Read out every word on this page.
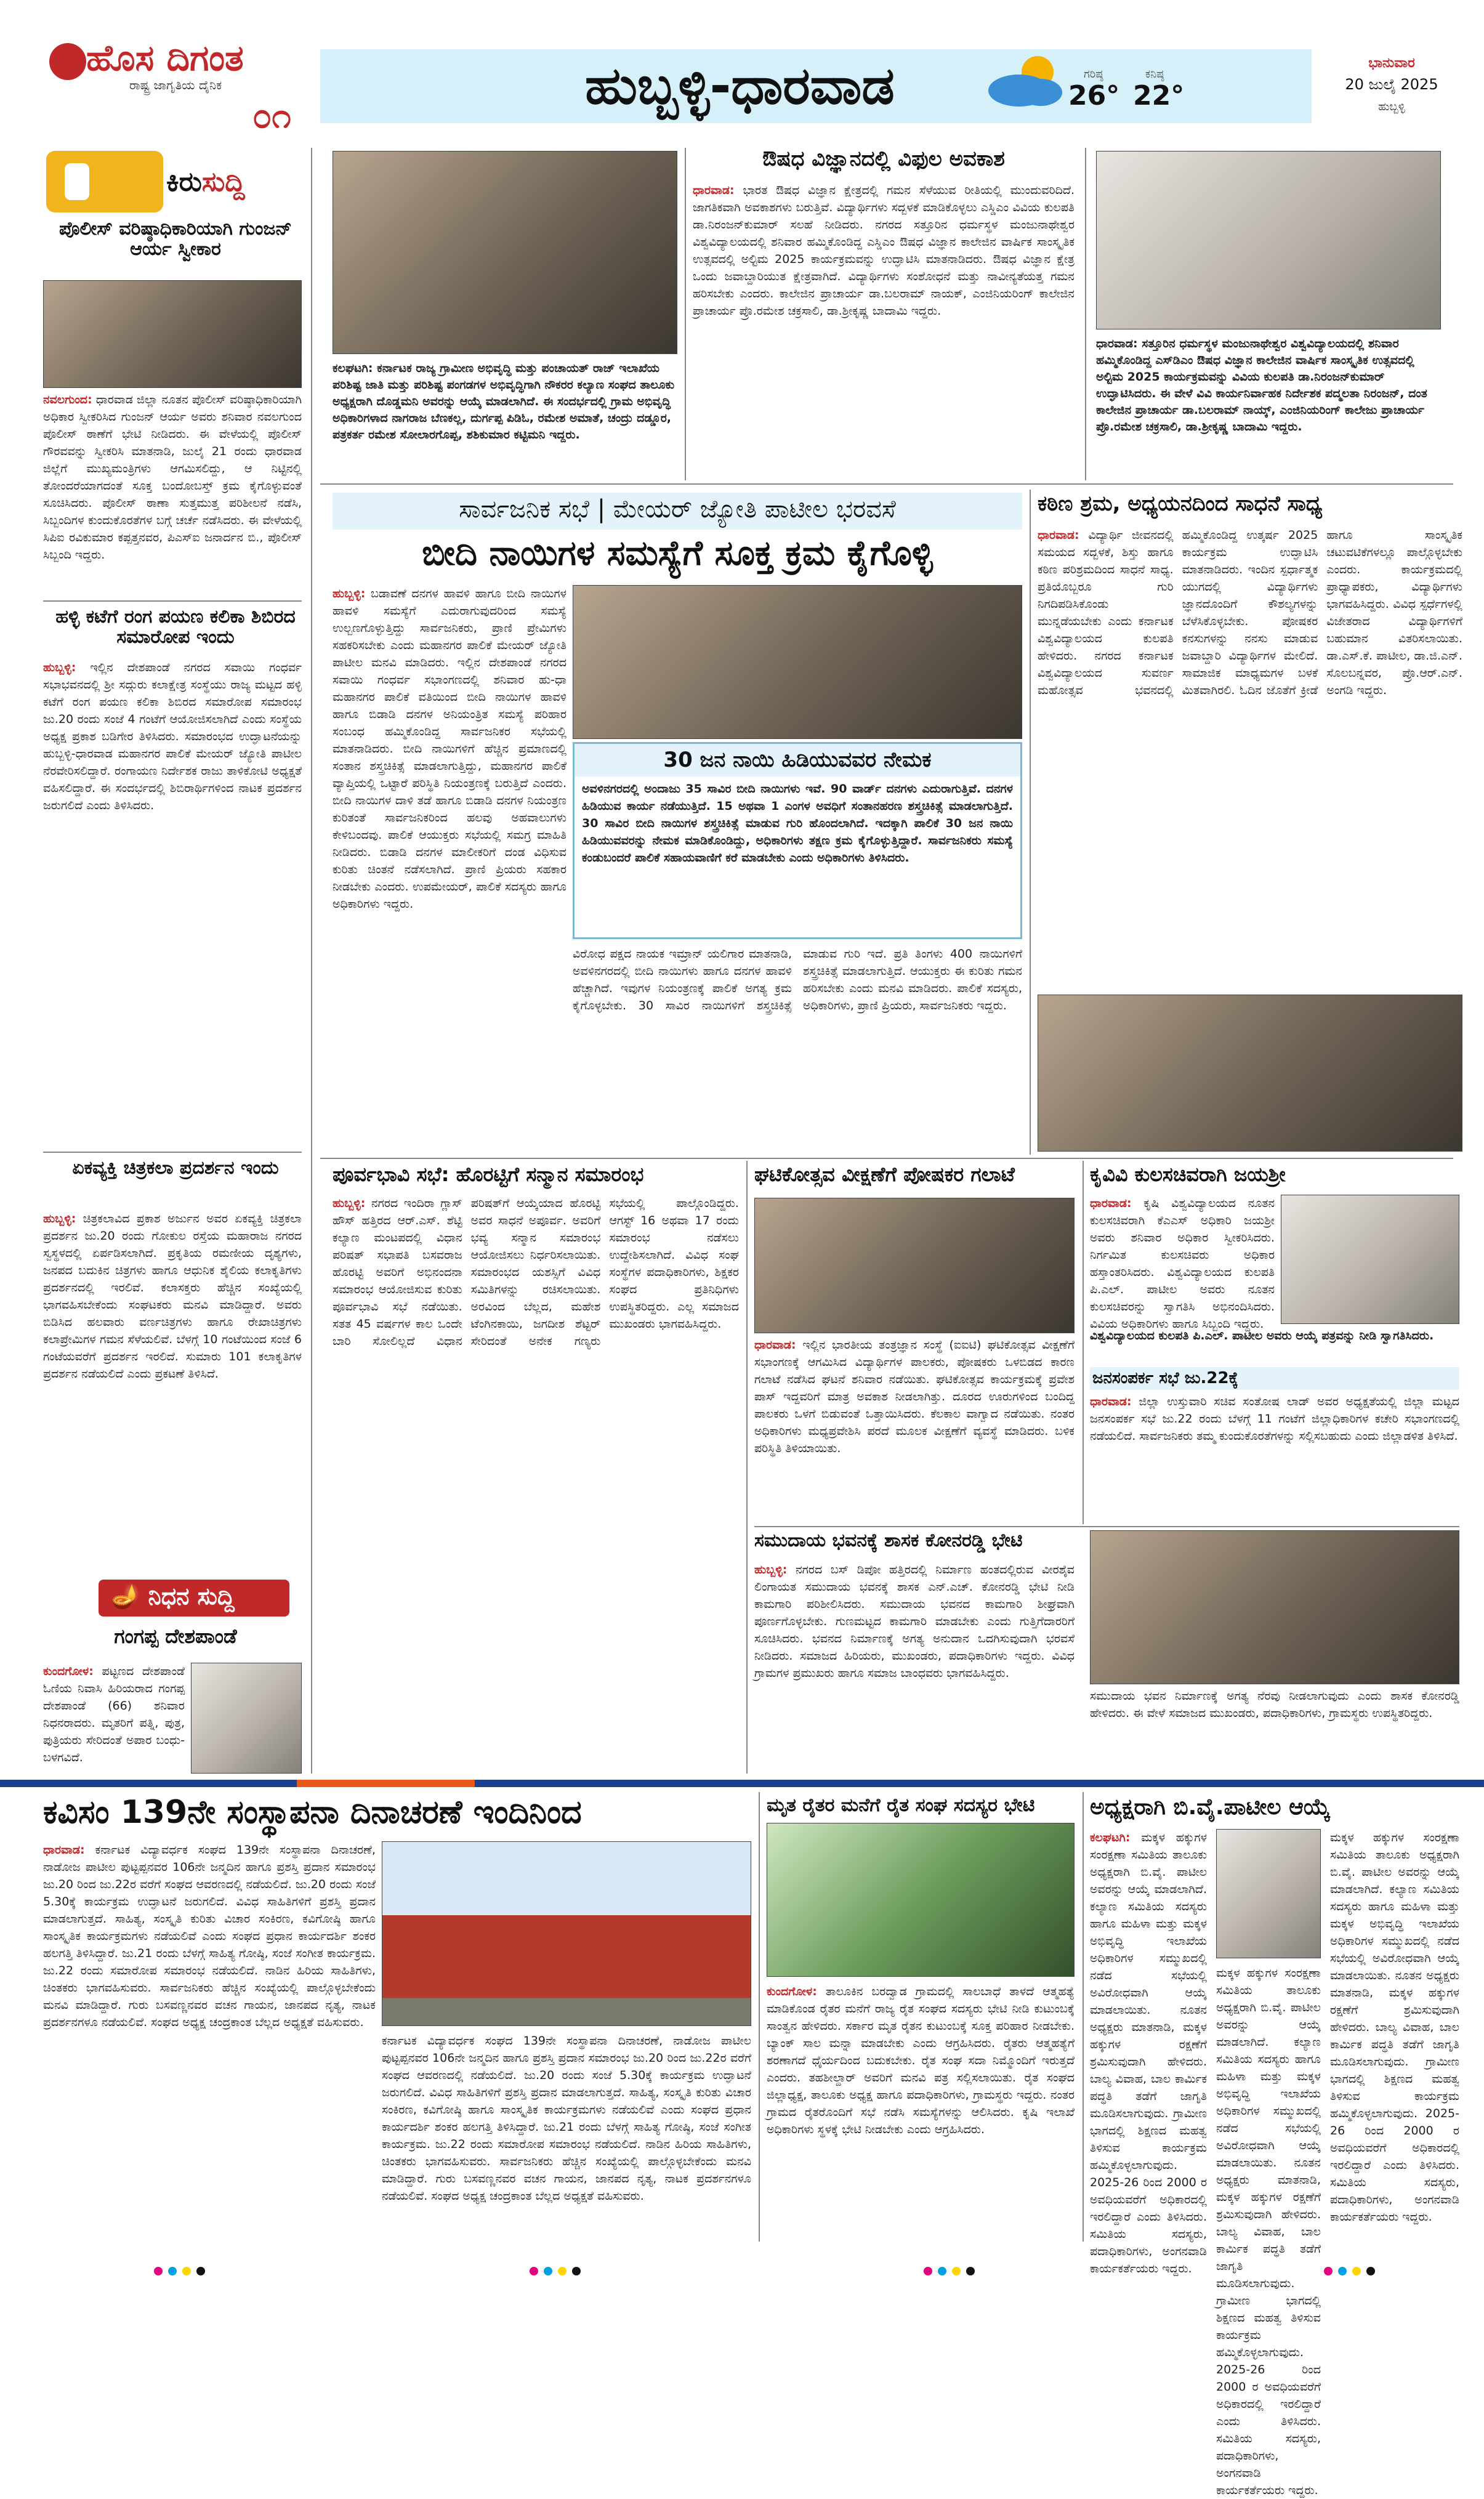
ಹೊಸ ದಿಗಂತ
ರಾಷ್ಟ್ರ ಜಾಗೃತಿಯ ದೈನಿಕ
೦೧
ಹುಬ್ಬಳ್ಳಿ-ಧಾರವಾಡ	ಗರಿಷ್ಠ
26°
ಕನಿಷ್ಠ
22°
ಭಾನುವಾರ
20 ಜುಲೈ 2025
ಹುಬ್ಬಳ್ಳಿ
ಕಿರುಸುದ್ದಿ
ಪೊಲೀಸ್ ವರಿಷ್ಠಾಧಿಕಾರಿಯಾಗಿ ಗುಂಜನ್ ಆರ್ಯ ಸ್ವೀಕಾರ
ನವಲಗುಂದ: ಧಾರವಾಡ ಜಿಲ್ಲಾ ನೂತನ ಪೊಲೀಸ್ ವರಿಷ್ಠಾಧಿಕಾರಿಯಾಗಿ ಅಧಿಕಾರ ಸ್ವೀಕರಿಸಿದ ಗುಂಜನ್ ಆರ್ಯ ಅವರು ಶನಿವಾರ ನವಲಗುಂದ ಪೊಲೀಸ್ ಠಾಣೆಗೆ ಭೇಟಿ ನೀಡಿದರು. ಈ ವೇಳೆಯಲ್ಲಿ ಪೊಲೀಸ್ ಗೌರವವನ್ನು ಸ್ವೀಕರಿಸಿ ಮಾತನಾಡಿ, ಜುಲೈ 21 ರಂದು ಧಾರವಾಡ ಜಿಲ್ಲೆಗೆ ಮುಖ್ಯಮಂತ್ರಿಗಳು ಆಗಮಿಸಲಿದ್ದು, ಆ ನಿಟ್ಟಿನಲ್ಲಿ ತೋಂದರೆಯಾಗದಂತೆ ಸೂಕ್ತ ಬಂದೋಬಸ್ತ್ ಕ್ರಮ ಕೈಗೊಳ್ಳುವಂತೆ ಸೂಚಿಸಿದರು. ಪೊಲೀಸ್ ಠಾಣಾ ಸುತ್ತಮುತ್ತ ಪರಿಶೀಲನೆ ನಡೆಸಿ, ಸಿಬ್ಬಂದಿಗಳ ಕುಂದುಕೊರತೆಗಳ ಬಗ್ಗೆ ಚರ್ಚೆ ನಡೆಸಿದರು. ಈ ವೇಳೆಯಲ್ಲಿ ಸಿಪಿಐ ರವಿಕುಮಾರ ಕಪ್ಪತ್ತನವರ, ಪಿಎಸ್‌ಐ ಜನಾರ್ದನ ಬಿ., ಪೊಲೀಸ್ ಸಿಬ್ಬಂದಿ ಇದ್ದರು.
ಹಳ್ಳಿ ಕಟೆಗೆ ರಂಗ ಪಯಣ ಕಲಿಕಾ ಶಿಬಿರದ ಸಮಾರೋಪ ಇಂದು
ಹುಬ್ಬಳ್ಳಿ: ಇಲ್ಲಿನ ದೇಶಪಾಂಡೆ ನಗರದ ಸವಾಯಿ ಗಂಧರ್ವ ಸಭಾಭವನದಲ್ಲಿ ಶ್ರೀ ಸದ್ಗುರು ಕಲಾಕ್ಷೇತ್ರ ಸಂಸ್ಥೆಯು ರಾಜ್ಯ ಮಟ್ಟದ ಹಳ್ಳಿ ಕಟೆಗೆ ರಂಗ ಪಯಣ ಕಲಿಕಾ ಶಿಬಿರದ ಸಮಾರೋಪ ಸಮಾರಂಭ ಜು.20 ರಂದು ಸಂಜೆ 4 ಗಂಟೆಗೆ ಆಯೋಜಿಸಲಾಗಿದೆ ಎಂದು ಸಂಸ್ಥೆಯ ಅಧ್ಯಕ್ಷ ಪ್ರಕಾಶ ಬಡಿಗೇರ ತಿಳಿಸಿದರು. ಸಮಾರಂಭದ ಉದ್ಘಾಟನೆಯನ್ನು ಹುಬ್ಬಳ್ಳಿ-ಧಾರವಾಡ ಮಹಾನಗರ ಪಾಲಿಕೆ ಮೇಯರ್ ಜ್ಯೋತಿ ಪಾಟೀಲ ನೆರವೇರಿಸಲಿದ್ದಾರೆ. ರಂಗಾಯಣ ನಿರ್ದೇಶಕ ರಾಜು ತಾಳಿಕೋಟಿ ಅಧ್ಯಕ್ಷತೆ ವಹಿಸಲಿದ್ದಾರೆ. ಈ ಸಂದರ್ಭದಲ್ಲಿ ಶಿಬಿರಾರ್ಥಿಗಳಿಂದ ನಾಟಕ ಪ್ರದರ್ಶನ ಜರುಗಲಿದೆ ಎಂದು ತಿಳಿಸಿದರು.
ಏಕವ್ಯಕ್ತಿ ಚಿತ್ರಕಲಾ ಪ್ರದರ್ಶನ ಇಂದು
ಹುಬ್ಬಳ್ಳಿ: ಚಿತ್ರಕಲಾವಿದ ಪ್ರಕಾಶ ಅರ್ಜುನ ಅವರ ಏಕವ್ಯಕ್ತಿ ಚಿತ್ರಕಲಾ ಪ್ರದರ್ಶನ ಜು.20 ರಂದು ಗೋಕುಲ ರಸ್ತೆಯ ಮಹಾರಾಜ ನಗರದ ಸ್ವಸ್ಥಳದಲ್ಲಿ ಏರ್ಪಡಿಸಲಾಗಿದೆ. ಪ್ರಕೃತಿಯ ರಮಣೀಯ ದೃಶ್ಯಗಳು, ಜನಪದ ಬದುಕಿನ ಚಿತ್ರಗಳು ಹಾಗೂ ಆಧುನಿಕ ಶೈಲಿಯ ಕಲಾಕೃತಿಗಳು ಪ್ರದರ್ಶನದಲ್ಲಿ ಇರಲಿವೆ. ಕಲಾಸಕ್ತರು ಹೆಚ್ಚಿನ ಸಂಖ್ಯೆಯಲ್ಲಿ ಭಾಗವಹಿಸಬೇಕೆಂದು ಸಂಘಟಕರು ಮನವಿ ಮಾಡಿದ್ದಾರೆ. ಅವರು ಬಿಡಿಸಿದ ಹಲವಾರು ವರ್ಣಚಿತ್ರಗಳು ಹಾಗೂ ರೇಖಾಚಿತ್ರಗಳು ಕಲಾಪ್ರೇಮಿಗಳ ಗಮನ ಸೆಳೆಯಲಿವೆ. ಬೆಳಗ್ಗೆ 10 ಗಂಟೆಯಿಂದ ಸಂಜೆ 6 ಗಂಟೆಯವರೆಗೆ ಪ್ರದರ್ಶನ ಇರಲಿದೆ. ಸುಮಾರು 101 ಕಲಾಕೃತಿಗಳ ಪ್ರದರ್ಶನ ನಡೆಯಲಿದೆ ಎಂದು ಪ್ರಕಟಣೆ ತಿಳಿಸಿದೆ.
🪔 ನಿಧನ ಸುದ್ದಿ
ಗಂಗಪ್ಪ ದೇಶಪಾಂಡೆ
ಕುಂದಗೋಳ: ಪಟ್ಟಣದ ದೇಶಪಾಂಡೆ ಓಣಿಯ ನಿವಾಸಿ ಹಿರಿಯರಾದ ಗಂಗಪ್ಪ ದೇಶಪಾಂಡೆ (66) ಶನಿವಾರ ನಿಧನರಾದರು. ಮೃತರಿಗೆ ಪತ್ನಿ, ಪುತ್ರ, ಪುತ್ರಿಯರು ಸೇರಿದಂತೆ ಅಪಾರ ಬಂಧು-ಬಳಗವಿದೆ.
ಕಲಘಟಗಿ: ಕರ್ನಾಟಕ ರಾಜ್ಯ ಗ್ರಾಮೀಣ ಅಭಿವೃದ್ಧಿ ಮತ್ತು ಪಂಚಾಯತ್ ರಾಜ್ ಇಲಾಖೆಯ ಪರಿಶಿಷ್ಟ ಜಾತಿ ಮತ್ತು ಪರಿಶಿಷ್ಟ ಪಂಗಡಗಳ ಅಭಿವೃದ್ಧಿಗಾಗಿ ನೌಕರರ ಕಲ್ಯಾಣ ಸಂಘದ ತಾಲೂಕು ಅಧ್ಯಕ್ಷರಾಗಿ ದೊಡ್ಡಮನಿ ಅವರನ್ನು ಆಯ್ಕೆ ಮಾಡಲಾಗಿದೆ. ಈ ಸಂದರ್ಭದಲ್ಲಿ ಗ್ರಾಮ ಅಭಿವೃದ್ಧಿ ಅಧಿಕಾರಿಗಳಾದ ನಾಗರಾಜ ಬೆಣಕಲ್ಲ, ದುರ್ಗಪ್ಪ ಪಿಡಿಓ, ರಮೇಶ ಅಮಾತೆ, ಚಂದ್ರು ದಡ್ಡೂರ, ಪತ್ರಕರ್ತ ರಮೇಶ ಸೋಲಾರಗೊಪ್ಪ, ಶಶಿಕುಮಾರ ಕಟ್ಟಿಮನಿ ಇದ್ದರು.
ಔಷಧ ವಿಜ್ಞಾನದಲ್ಲಿ ವಿಫುಲ ಅವಕಾಶ
ಧಾರವಾಡ: ಭಾರತ ಔಷಧ ವಿಜ್ಞಾನ ಕ್ಷೇತ್ರದಲ್ಲಿ ಗಮನ ಸೆಳೆಯುವ ರೀತಿಯಲ್ಲಿ ಮುಂದುವರಿದಿದೆ. ಜಾಗತಿಕವಾಗಿ ಅವಕಾಶಗಳು ಬರುತ್ತಿವೆ. ವಿದ್ಯಾರ್ಥಿಗಳು ಸದ್ಬಳಕೆ ಮಾಡಿಕೊಳ್ಳಲು ಎಸ್ಡಿಎಂ ವಿವಿಯ ಕುಲಪತಿ ಡಾ.ನಿರಂಜನ್‌ಕುಮಾರ್ ಸಲಹೆ ನೀಡಿದರು. ನಗರದ ಸತ್ತೂರಿನ ಧರ್ಮಸ್ಥಳ ಮಂಜುನಾಥೇಶ್ವರ ವಿಶ್ವವಿದ್ಯಾಲಯದಲ್ಲಿ ಶನಿವಾರ ಹಮ್ಮಿಕೊಂಡಿದ್ದ ಎಸ್ಡಿಎಂ ಔಷಧ ವಿಜ್ಞಾನ ಕಾಲೇಜಿನ ವಾರ್ಷಿಕ ಸಾಂಸ್ಕೃತಿಕ ಉತ್ಸವದಲ್ಲಿ ಅಲ್ಟಿಮ 2025 ಕಾರ್ಯಕ್ರಮವನ್ನು ಉದ್ಘಾಟಿಸಿ ಮಾತನಾಡಿದರು. ಔಷಧ ವಿಜ್ಞಾನ ಕ್ಷೇತ್ರ ಒಂದು ಜವಾಬ್ದಾರಿಯುತ ಕ್ಷೇತ್ರವಾಗಿದೆ. ವಿದ್ಯಾರ್ಥಿಗಳು ಸಂಶೋಧನೆ ಮತ್ತು ನಾವೀನ್ಯತೆಯತ್ತ ಗಮನ ಹರಿಸಬೇಕು ಎಂದರು. ಕಾಲೇಜಿನ ಪ್ರಾಚಾರ್ಯ ಡಾ.ಬಲರಾಮ್ ನಾಯಕ್, ಎಂಜಿನಿಯರಿಂಗ್ ಕಾಲೇಜಿನ ಪ್ರಾಚಾರ್ಯ ಪ್ರೊ.ರಮೇಶ ಚಕ್ರಸಾಲಿ, ಡಾ.ಶ್ರೀಕೃಷ್ಣ ಬಾದಾಮಿ ಇದ್ದರು.
ಧಾರವಾಡ: ಸತ್ತೂರಿನ ಧರ್ಮಸ್ಥಳ ಮಂಜುನಾಥೇಶ್ವರ ವಿಶ್ವವಿದ್ಯಾಲಯದಲ್ಲಿ ಶನಿವಾರ ಹಮ್ಮಿಕೊಂಡಿದ್ದ ಎಸ್‌ಡಿಎಂ ಔಷಧ ವಿಜ್ಞಾನ ಕಾಲೇಜಿನ ವಾರ್ಷಿಕ ಸಾಂಸ್ಕೃತಿಕ ಉತ್ಸವದಲ್ಲಿ ಅಲ್ಟಿಮ 2025 ಕಾರ್ಯಕ್ರಮವನ್ನು ವಿವಿಯ ಕುಲಪತಿ ಡಾ.ನಿರಂಜನ್‌ಕುಮಾರ್ ಉದ್ಘಾಟಿಸಿದರು. ಈ ವೇಳೆ ವಿವಿ ಕಾರ್ಯನಿರ್ವಾಹಕ ನಿರ್ದೇಶಕ ಪದ್ಮಲತಾ ನಿರಂಜನ್, ದಂತ ಕಾಲೇಜಿನ ಪ್ರಾಚಾರ್ಯ ಡಾ.ಬಲರಾಮ್ ನಾಯ್ಕ್, ಎಂಜಿನಿಯರಿಂಗ್ ಕಾಲೇಜು ಪ್ರಾಚಾರ್ಯ ಪ್ರೊ.ರಮೇಶ ಚಕ್ರಸಾಲಿ, ಡಾ.ಶ್ರೀಕೃಷ್ಣ ಬಾದಾಮಿ ಇದ್ದರು.
ಸಾರ್ವಜನಿಕ ಸಭೆ | ಮೇಯರ್ ಜ್ಯೋತಿ ಪಾಟೀಲ ಭರವಸೆ
ಬೀದಿ ನಾಯಿಗಳ ಸಮಸ್ಯೆಗೆ ಸೂಕ್ತ ಕ್ರಮ ಕೈಗೊಳ್ಳಿ
ಹುಬ್ಬಳ್ಳಿ: ಬಡಾವಣೆ ದನಗಳ ಹಾವಳಿ ಹಾಗೂ ಬೀದಿ ನಾಯಿಗಳ ಹಾವಳಿ ಸಮಸ್ಯೆಗೆ ಎದುರಾಗುವುದರಿಂದ ಸಮಸ್ಯೆ ಉಲ್ಬಣಗೊಳ್ಳುತ್ತಿದ್ದು ಸಾರ್ವಜನಿಕರು, ಪ್ರಾಣಿ ಪ್ರೇಮಿಗಳು ಸಹಕರಿಸಬೇಕು ಎಂದು ಮಹಾನಗರ ಪಾಲಿಕೆ ಮೇಯರ್ ಜ್ಯೋತಿ ಪಾಟೀಲ ಮನವಿ ಮಾಡಿದರು. ಇಲ್ಲಿನ ದೇಶಪಾಂಡೆ ನಗರದ ಸವಾಯಿ ಗಂಧರ್ವ ಸಭಾಂಗಣದಲ್ಲಿ ಶನಿವಾರ ಹು-ಧಾ ಮಹಾನಗರ ಪಾಲಿಕೆ ವತಿಯಿಂದ ಬೀದಿ ನಾಯಿಗಳ ಹಾವಳಿ ಹಾಗೂ ಬಿಡಾಡಿ ದನಗಳ ಅನಿಯಂತ್ರಿತ ಸಮಸ್ಯೆ ಪರಿಹಾರ ಸಂಬಂಧ ಹಮ್ಮಿಕೊಂಡಿದ್ದ ಸಾರ್ವಜನಿಕರ ಸಭೆಯಲ್ಲಿ ಮಾತನಾಡಿದರು. ಬೀದಿ ನಾಯಿಗಳಿಗೆ ಹೆಚ್ಚಿನ ಪ್ರಮಾಣದಲ್ಲಿ ಸಂತಾನ ಶಸ್ತ್ರಚಿಕಿತ್ಸೆ ಮಾಡಲಾಗುತ್ತಿದ್ದು, ಮಹಾನಗರ ಪಾಲಿಕೆ ವ್ಯಾಪ್ತಿಯಲ್ಲಿ ಒಟ್ಟಾರೆ ಪರಿಸ್ಥಿತಿ ನಿಯಂತ್ರಣಕ್ಕೆ ಬರುತ್ತಿದೆ ಎಂದರು. ಬೀದಿ ನಾಯಿಗಳ ದಾಳಿ ತಡೆ ಹಾಗೂ ಬಿಡಾಡಿ ದನಗಳ ನಿಯಂತ್ರಣ ಕುರಿತಂತೆ ಸಾರ್ವಜನಿಕರಿಂದ ಹಲವು ಅಹವಾಲುಗಳು ಕೇಳಿಬಂದವು. ಪಾಲಿಕೆ ಆಯುಕ್ತರು ಸಭೆಯಲ್ಲಿ ಸಮಗ್ರ ಮಾಹಿತಿ ನೀಡಿದರು. ಬಿಡಾಡಿ ದನಗಳ ಮಾಲೀಕರಿಗೆ ದಂಡ ವಿಧಿಸುವ ಕುರಿತು ಚಿಂತನೆ ನಡೆಸಲಾಗಿದೆ. ಪ್ರಾಣಿ ಪ್ರಿಯರು ಸಹಕಾರ ನೀಡಬೇಕು ಎಂದರು. ಉಪಮೇಯರ್, ಪಾಲಿಕೆ ಸದಸ್ಯರು ಹಾಗೂ ಅಧಿಕಾರಿಗಳು ಇದ್ದರು.
30 ಜನ ನಾಯಿ ಹಿಡಿಯುವವರ ನೇಮಕ
ಅವಳಿನಗರದಲ್ಲಿ ಅಂದಾಜು 35 ಸಾವಿರ ಬೀದಿ ನಾಯಿಗಳು ಇವೆ. 90 ವಾರ್ಡ್ ದನಗಳು ಎದುರಾಗುತ್ತಿವೆ. ದನಗಳ ಹಿಡಿಯುವ ಕಾರ್ಯ ನಡೆಯುತ್ತಿದೆ. 15 ಅಥವಾ 1 ಎಂಗಳ ಅವಧಿಗೆ ಸಂತಾನಹರಣ ಶಸ್ತ್ರಚಿಕಿತ್ಸೆ ಮಾಡಲಾಗುತ್ತಿದೆ. 30 ಸಾವಿರ ಬೀದಿ ನಾಯಿಗಳ ಶಸ್ತ್ರಚಿಕಿತ್ಸೆ ಮಾಡುವ ಗುರಿ ಹೊಂದಲಾಗಿದೆ. ಇದಕ್ಕಾಗಿ ಪಾಲಿಕೆ 30 ಜನ ನಾಯಿ ಹಿಡಿಯುವವರನ್ನು ನೇಮಕ ಮಾಡಿಕೊಂಡಿದ್ದು, ಅಧಿಕಾರಿಗಳು ತಕ್ಷಣ ಕ್ರಮ ಕೈಗೊಳ್ಳುತ್ತಿದ್ದಾರೆ. ಸಾರ್ವಜನಿಕರು ಸಮಸ್ಯೆ ಕಂಡುಬಂದರೆ ಪಾಲಿಕೆ ಸಹಾಯವಾಣಿಗೆ ಕರೆ ಮಾಡಬೇಕು ಎಂದು ಅಧಿಕಾರಿಗಳು ತಿಳಿಸಿದರು.
ವಿರೋಧ ಪಕ್ಷದ ನಾಯಕ ಇಮ್ರಾನ್ ಯಲಿಗಾರ ಮಾತನಾಡಿ, ಅವಳಿನಗರದಲ್ಲಿ ಬೀದಿ ನಾಯಿಗಳು ಹಾಗೂ ದನಗಳ ಹಾವಳಿ ಹೆಚ್ಚಾಗಿದೆ. ಇವುಗಳ ನಿಯಂತ್ರಣಕ್ಕೆ ಪಾಲಿಕೆ ಅಗತ್ಯ ಕ್ರಮ ಕೈಗೊಳ್ಳಬೇಕು. 30 ಸಾವಿರ ನಾಯಿಗಳಿಗೆ ಶಸ್ತ್ರಚಿಕಿತ್ಸೆ ಮಾಡುವ ಗುರಿ ಇದೆ. ಪ್ರತಿ ತಿಂಗಳು 400 ನಾಯಿಗಳಿಗೆ ಶಸ್ತ್ರಚಿಕಿತ್ಸೆ ಮಾಡಲಾಗುತ್ತಿದೆ. ಆಯುಕ್ತರು ಈ ಕುರಿತು ಗಮನ ಹರಿಸಬೇಕು ಎಂದು ಮನವಿ ಮಾಡಿದರು. ಪಾಲಿಕೆ ಸದಸ್ಯರು, ಅಧಿಕಾರಿಗಳು, ಪ್ರಾಣಿ ಪ್ರಿಯರು, ಸಾರ್ವಜನಿಕರು ಇದ್ದರು.
ಕಠಿಣ ಶ್ರಮ, ಅಧ್ಯಯನದಿಂದ ಸಾಧನೆ ಸಾಧ್ಯ
ಧಾರವಾಡ: ವಿದ್ಯಾರ್ಥಿ ಜೀವನದಲ್ಲಿ ಸಮಯದ ಸದ್ಬಳಕೆ, ಶಿಸ್ತು ಹಾಗೂ ಕಠಿಣ ಪರಿಶ್ರಮದಿಂದ ಸಾಧನೆ ಸಾಧ್ಯ. ಪ್ರತಿಯೊಬ್ಬರೂ ಗುರಿ ನಿಗದಿಪಡಿಸಿಕೊಂಡು ಮುನ್ನಡೆಯಬೇಕು ಎಂದು ಕರ್ನಾಟಕ ವಿಶ್ವವಿದ್ಯಾಲಯದ ಕುಲಪತಿ ಹೇಳಿದರು. ನಗರದ ಕರ್ನಾಟಕ ವಿಶ್ವವಿದ್ಯಾಲಯದ ಸುವರ್ಣ ಮಹೋತ್ಸವ ಭವನದಲ್ಲಿ ಹಮ್ಮಿಕೊಂಡಿದ್ದ ಉತ್ಕರ್ಷ 2025 ಕಾರ್ಯಕ್ರಮ ಉದ್ಘಾಟಿಸಿ ಮಾತನಾಡಿದರು. ಇಂದಿನ ಸ್ಪರ್ಧಾತ್ಮಕ ಯುಗದಲ್ಲಿ ವಿದ್ಯಾರ್ಥಿಗಳು ಜ್ಞಾನದೊಂದಿಗೆ ಕೌಶಲ್ಯಗಳನ್ನು ಬೆಳೆಸಿಕೊಳ್ಳಬೇಕು. ಪೋಷಕರ ಕನಸುಗಳನ್ನು ನನಸು ಮಾಡುವ ಜವಾಬ್ದಾರಿ ವಿದ್ಯಾರ್ಥಿಗಳ ಮೇಲಿದೆ. ಸಾಮಾಜಿಕ ಮಾಧ್ಯಮಗಳ ಬಳಕೆ ಮಿತವಾಗಿರಲಿ. ಓದಿನ ಜೊತೆಗೆ ಕ್ರೀಡೆ ಹಾಗೂ ಸಾಂಸ್ಕೃತಿಕ ಚಟುವಟಿಕೆಗಳಲ್ಲೂ ಪಾಲ್ಗೊಳ್ಳಬೇಕು ಎಂದರು. ಕಾರ್ಯಕ್ರಮದಲ್ಲಿ ಪ್ರಾಧ್ಯಾಪಕರು, ವಿದ್ಯಾರ್ಥಿಗಳು ಭಾಗವಹಿಸಿದ್ದರು. ವಿವಿಧ ಸ್ಪರ್ಧೆಗಳಲ್ಲಿ ವಿಜೇತರಾದ ವಿದ್ಯಾರ್ಥಿಗಳಿಗೆ ಬಹುಮಾನ ವಿತರಿಸಲಾಯಿತು. ಡಾ.ಎಸ್.ಕೆ. ಪಾಟೀಲ, ಡಾ.ಜಿ.ಎನ್. ಸೊಲಬನ್ನವರ, ಪ್ರೊ.ಆರ್.ಎನ್. ಅಂಗಡಿ ಇದ್ದರು.
ಪೂರ್ವಭಾವಿ ಸಭೆ: ಹೊರಟ್ಟಿಗೆ ಸನ್ಮಾನ ಸಮಾರಂಭ
ಹುಬ್ಬಳ್ಳಿ: ನಗರದ ಇಂದಿರಾ ಗ್ಲಾಸ್ ಹೌಸ್ ಹತ್ತಿರದ ಆರ್.ಎಸ್. ಶೆಟ್ಟಿ ಕಲ್ಯಾಣ ಮಂಟಪದಲ್ಲಿ ವಿಧಾನ ಪರಿಷತ್ ಸಭಾಪತಿ ಬಸವರಾಜ ಹೊರಟ್ಟಿ ಅವರಿಗೆ ಅಭಿನಂದನಾ ಸಮಾರಂಭ ಆಯೋಜಿಸುವ ಕುರಿತು ಪೂರ್ವಭಾವಿ ಸಭೆ ನಡೆಯಿತು. ಸತತ 45 ವರ್ಷಗಳ ಕಾಲ ಒಂದೇ ಬಾರಿ ಸೋಲಿಲ್ಲದೆ ವಿಧಾನ ಪರಿಷತ್‌ಗೆ ಆಯ್ಕೆಯಾದ ಹೊರಟ್ಟಿ ಅವರ ಸಾಧನೆ ಅಪೂರ್ವ. ಅವರಿಗೆ ಭವ್ಯ ಸನ್ಮಾನ ಸಮಾರಂಭ ಆಯೋಜಿಸಲು ನಿರ್ಧರಿಸಲಾಯಿತು. ಸಮಾರಂಭದ ಯಶಸ್ಸಿಗೆ ವಿವಿಧ ಸಮಿತಿಗಳನ್ನು ರಚಿಸಲಾಯಿತು. ಅರವಿಂದ ಬೆಲ್ಲದ, ಮಹೇಶ ಟೆಂಗಿನಕಾಯಿ, ಜಗದೀಶ ಶೆಟ್ಟರ್ ಸೇರಿದಂತೆ ಅನೇಕ ಗಣ್ಯರು ಸಭೆಯಲ್ಲಿ ಪಾಲ್ಗೊಂಡಿದ್ದರು. ಆಗಸ್ಟ್ 16 ಅಥವಾ 17 ರಂದು ಸಮಾರಂಭ ನಡೆಸಲು ಉದ್ದೇಶಿಸಲಾಗಿದೆ. ವಿವಿಧ ಸಂಘ ಸಂಸ್ಥೆಗಳ ಪದಾಧಿಕಾರಿಗಳು, ಶಿಕ್ಷಕರ ಸಂಘದ ಪ್ರತಿನಿಧಿಗಳು ಉಪಸ್ಥಿತರಿದ್ದರು. ಎಲ್ಲ ಸಮಾಜದ ಮುಖಂಡರು ಭಾಗವಹಿಸಿದ್ದರು.
ಘಟಿಕೋತ್ಸವ ವೀಕ್ಷಣೆಗೆ ಪೋಷಕರ ಗಲಾಟೆ
ಧಾರವಾಡ: ಇಲ್ಲಿನ ಭಾರತೀಯ ತಂತ್ರಜ್ಞಾನ ಸಂಸ್ಥೆ (ಐಐಟಿ) ಘಟಿಕೋತ್ಸವ ವೀಕ್ಷಣೆಗೆ ಸಭಾಂಗಣಕ್ಕೆ ಆಗಮಿಸಿದ ವಿದ್ಯಾರ್ಥಿಗಳ ಪಾಲಕರು, ಪೋಷಕರು ಒಳಬಿಡದ ಕಾರಣ ಗಲಾಟೆ ನಡೆಸಿದ ಘಟನೆ ಶನಿವಾರ ನಡೆಯಿತು. ಘಟಿಕೋತ್ಸವ ಕಾರ್ಯಕ್ರಮಕ್ಕೆ ಪ್ರವೇಶ ಪಾಸ್ ಇದ್ದವರಿಗೆ ಮಾತ್ರ ಅವಕಾಶ ನೀಡಲಾಗಿತ್ತು. ದೂರದ ಊರುಗಳಿಂದ ಬಂದಿದ್ದ ಪಾಲಕರು ಒಳಗೆ ಬಿಡುವಂತೆ ಒತ್ತಾಯಿಸಿದರು. ಕೆಲಕಾಲ ವಾಗ್ವಾದ ನಡೆಯಿತು. ನಂತರ ಅಧಿಕಾರಿಗಳು ಮಧ್ಯಪ್ರವೇಶಿಸಿ ಪರದೆ ಮೂಲಕ ವೀಕ್ಷಣೆಗೆ ವ್ಯವಸ್ಥೆ ಮಾಡಿದರು. ಬಳಿಕ ಪರಿಸ್ಥಿತಿ ತಿಳಿಯಾಯಿತು.
ಕೃವಿವಿ ಕುಲಸಚಿವರಾಗಿ ಜಯಶ್ರೀ
ಧಾರವಾಡ: ಕೃಷಿ ವಿಶ್ವವಿದ್ಯಾಲಯದ ನೂತನ ಕುಲಸಚಿವರಾಗಿ ಕೆಎಎಸ್ ಅಧಿಕಾರಿ ಜಯಶ್ರೀ ಅವರು ಶನಿವಾರ ಅಧಿಕಾರ ಸ್ವೀಕರಿಸಿದರು. ನಿರ್ಗಮಿತ ಕುಲಸಚಿವರು ಅಧಿಕಾರ ಹಸ್ತಾಂತರಿಸಿದರು. ವಿಶ್ವವಿದ್ಯಾಲಯದ ಕುಲಪತಿ ಪಿ.ಎಲ್. ಪಾಟೀಲ ಅವರು ನೂತನ ಕುಲಸಚಿವರನ್ನು ಸ್ವಾಗತಿಸಿ ಅಭಿನಂದಿಸಿದರು. ವಿವಿಯ ಅಧಿಕಾರಿಗಳು ಹಾಗೂ ಸಿಬ್ಬಂದಿ ಇದ್ದರು.
ವಿಶ್ವವಿದ್ಯಾಲಯದ ಕುಲಪತಿ ಪಿ.ಎಲ್. ಪಾಟೀಲ ಅವರು ಆಯ್ಕೆ ಪತ್ರವನ್ನು ನೀಡಿ ಸ್ವಾಗತಿಸಿದರು.
ಜನಸಂಪರ್ಕ ಸಭೆ ಜು.22ಕ್ಕೆ
ಧಾರವಾಡ: ಜಿಲ್ಲಾ ಉಸ್ತುವಾರಿ ಸಚಿವ ಸಂತೋಷ ಲಾಡ್ ಅವರ ಅಧ್ಯಕ್ಷತೆಯಲ್ಲಿ ಜಿಲ್ಲಾ ಮಟ್ಟದ ಜನಸಂಪರ್ಕ ಸಭೆ ಜು.22 ರಂದು ಬೆಳಗ್ಗೆ 11 ಗಂಟೆಗೆ ಜಿಲ್ಲಾಧಿಕಾರಿಗಳ ಕಚೇರಿ ಸಭಾಂಗಣದಲ್ಲಿ ನಡೆಯಲಿದೆ. ಸಾರ್ವಜನಿಕರು ತಮ್ಮ ಕುಂದುಕೊರತೆಗಳನ್ನು ಸಲ್ಲಿಸಬಹುದು ಎಂದು ಜಿಲ್ಲಾಡಳಿತ ತಿಳಿಸಿದೆ.
ಸಮುದಾಯ ಭವನಕ್ಕೆ ಶಾಸಕ ಕೋನರಡ್ಡಿ ಭೇಟಿ
ಹುಬ್ಬಳ್ಳಿ: ನಗರದ ಬಸ್ ಡಿಪೋ ಹತ್ತಿರದಲ್ಲಿ ನಿರ್ಮಾಣ ಹಂತದಲ್ಲಿರುವ ವೀರಶೈವ ಲಿಂಗಾಯತ ಸಮುದಾಯ ಭವನಕ್ಕೆ ಶಾಸಕ ಎನ್.ಎಚ್. ಕೋನರಡ್ಡಿ ಭೇಟಿ ನೀಡಿ ಕಾಮಗಾರಿ ಪರಿಶೀಲಿಸಿದರು. ಸಮುದಾಯ ಭವನದ ಕಾಮಗಾರಿ ಶೀಘ್ರವಾಗಿ ಪೂರ್ಣಗೊಳ್ಳಬೇಕು. ಗುಣಮಟ್ಟದ ಕಾಮಗಾರಿ ಮಾಡಬೇಕು ಎಂದು ಗುತ್ತಿಗೆದಾರರಿಗೆ ಸೂಚಿಸಿದರು. ಭವನದ ನಿರ್ಮಾಣಕ್ಕೆ ಅಗತ್ಯ ಅನುದಾನ ಒದಗಿಸುವುದಾಗಿ ಭರವಸೆ ನೀಡಿದರು. ಸಮಾಜದ ಹಿರಿಯರು, ಮುಖಂಡರು, ಪದಾಧಿಕಾರಿಗಳು ಇದ್ದರು. ವಿವಿಧ ಗ್ರಾಮಗಳ ಪ್ರಮುಖರು ಹಾಗೂ ಸಮಾಜ ಬಾಂಧವರು ಭಾಗವಹಿಸಿದ್ದರು.
ಸಮುದಾಯ ಭವನ ನಿರ್ಮಾಣಕ್ಕೆ ಅಗತ್ಯ ನೆರವು ನೀಡಲಾಗುವುದು ಎಂದು ಶಾಸಕ ಕೋನರಡ್ಡಿ ಹೇಳಿದರು. ಈ ವೇಳೆ ಸಮಾಜದ ಮುಖಂಡರು, ಪದಾಧಿಕಾರಿಗಳು, ಗ್ರಾಮಸ್ಥರು ಉಪಸ್ಥಿತರಿದ್ದರು.
ಕವಿಸಂ 139ನೇ ಸಂಸ್ಥಾಪನಾ ದಿನಾಚರಣೆ ಇಂದಿನಿಂದ
ಧಾರವಾಡ: ಕರ್ನಾಟಕ ವಿದ್ಯಾವರ್ಧಕ ಸಂಘದ 139ನೇ ಸಂಸ್ಥಾಪನಾ ದಿನಾಚರಣೆ, ನಾಡೋಜ ಪಾಟೀಲ ಪುಟ್ಟಪ್ಪನವರ 106ನೇ ಜನ್ಮದಿನ ಹಾಗೂ ಪ್ರಶಸ್ತಿ ಪ್ರದಾನ ಸಮಾರಂಭ ಜು.20 ರಿಂದ ಜು.22ರ ವರೆಗೆ ಸಂಘದ ಆವರಣದಲ್ಲಿ ನಡೆಯಲಿದೆ. ಜು.20 ರಂದು ಸಂಜೆ 5.30ಕ್ಕೆ ಕಾರ್ಯಕ್ರಮ ಉದ್ಘಾಟನೆ ಜರುಗಲಿದೆ. ವಿವಿಧ ಸಾಹಿತಿಗಳಿಗೆ ಪ್ರಶಸ್ತಿ ಪ್ರದಾನ ಮಾಡಲಾಗುತ್ತದೆ. ಸಾಹಿತ್ಯ, ಸಂಸ್ಕೃತಿ ಕುರಿತು ವಿಚಾರ ಸಂಕಿರಣ, ಕವಿಗೋಷ್ಠಿ ಹಾಗೂ ಸಾಂಸ್ಕೃತಿಕ ಕಾರ್ಯಕ್ರಮಗಳು ನಡೆಯಲಿವೆ ಎಂದು ಸಂಘದ ಪ್ರಧಾನ ಕಾರ್ಯದರ್ಶಿ ಶಂಕರ ಹಲಗತ್ತಿ ತಿಳಿಸಿದ್ದಾರೆ. ಜು.21 ರಂದು ಬೆಳಗ್ಗೆ ಸಾಹಿತ್ಯ ಗೋಷ್ಠಿ, ಸಂಜೆ ಸಂಗೀತ ಕಾರ್ಯಕ್ರಮ. ಜು.22 ರಂದು ಸಮಾರೋಪ ಸಮಾರಂಭ ನಡೆಯಲಿದೆ. ನಾಡಿನ ಹಿರಿಯ ಸಾಹಿತಿಗಳು, ಚಿಂತಕರು ಭಾಗವಹಿಸುವರು. ಸಾರ್ವಜನಿಕರು ಹೆಚ್ಚಿನ ಸಂಖ್ಯೆಯಲ್ಲಿ ಪಾಲ್ಗೊಳ್ಳಬೇಕೆಂದು ಮನವಿ ಮಾಡಿದ್ದಾರೆ. ಗುರು ಬಸವಣ್ಣನವರ ವಚನ ಗಾಯನ, ಜಾನಪದ ನೃತ್ಯ, ನಾಟಕ ಪ್ರದರ್ಶನಗಳೂ ನಡೆಯಲಿವೆ. ಸಂಘದ ಅಧ್ಯಕ್ಷ ಚಂದ್ರಕಾಂತ ಬೆಲ್ಲದ ಅಧ್ಯಕ್ಷತೆ ವಹಿಸುವರು.
ಕರ್ನಾಟಕ ವಿದ್ಯಾವರ್ಧಕ ಸಂಘದ 139ನೇ ಸಂಸ್ಥಾಪನಾ ದಿನಾಚರಣೆ, ನಾಡೋಜ ಪಾಟೀಲ ಪುಟ್ಟಪ್ಪನವರ 106ನೇ ಜನ್ಮದಿನ ಹಾಗೂ ಪ್ರಶಸ್ತಿ ಪ್ರದಾನ ಸಮಾರಂಭ ಜು.20 ರಿಂದ ಜು.22ರ ವರೆಗೆ ಸಂಘದ ಆವರಣದಲ್ಲಿ ನಡೆಯಲಿದೆ. ಜು.20 ರಂದು ಸಂಜೆ 5.30ಕ್ಕೆ ಕಾರ್ಯಕ್ರಮ ಉದ್ಘಾಟನೆ ಜರುಗಲಿದೆ. ವಿವಿಧ ಸಾಹಿತಿಗಳಿಗೆ ಪ್ರಶಸ್ತಿ ಪ್ರದಾನ ಮಾಡಲಾಗುತ್ತದೆ. ಸಾಹಿತ್ಯ, ಸಂಸ್ಕೃತಿ ಕುರಿತು ವಿಚಾರ ಸಂಕಿರಣ, ಕವಿಗೋಷ್ಠಿ ಹಾಗೂ ಸಾಂಸ್ಕೃತಿಕ ಕಾರ್ಯಕ್ರಮಗಳು ನಡೆಯಲಿವೆ ಎಂದು ಸಂಘದ ಪ್ರಧಾನ ಕಾರ್ಯದರ್ಶಿ ಶಂಕರ ಹಲಗತ್ತಿ ತಿಳಿಸಿದ್ದಾರೆ. ಜು.21 ರಂದು ಬೆಳಗ್ಗೆ ಸಾಹಿತ್ಯ ಗೋಷ್ಠಿ, ಸಂಜೆ ಸಂಗೀತ ಕಾರ್ಯಕ್ರಮ. ಜು.22 ರಂದು ಸಮಾರೋಪ ಸಮಾರಂಭ ನಡೆಯಲಿದೆ. ನಾಡಿನ ಹಿರಿಯ ಸಾಹಿತಿಗಳು, ಚಿಂತಕರು ಭಾಗವಹಿಸುವರು. ಸಾರ್ವಜನಿಕರು ಹೆಚ್ಚಿನ ಸಂಖ್ಯೆಯಲ್ಲಿ ಪಾಲ್ಗೊಳ್ಳಬೇಕೆಂದು ಮನವಿ ಮಾಡಿದ್ದಾರೆ. ಗುರು ಬಸವಣ್ಣನವರ ವಚನ ಗಾಯನ, ಜಾನಪದ ನೃತ್ಯ, ನಾಟಕ ಪ್ರದರ್ಶನಗಳೂ ನಡೆಯಲಿವೆ. ಸಂಘದ ಅಧ್ಯಕ್ಷ ಚಂದ್ರಕಾಂತ ಬೆಲ್ಲದ ಅಧ್ಯಕ್ಷತೆ ವಹಿಸುವರು.
ಮೃತ ರೈತರ ಮನೆಗೆ ರೈತ ಸಂಘ ಸದಸ್ಯರ ಭೇಟಿ
ಕುಂದಗೋಳ: ತಾಲೂಕಿನ ಬರದ್ವಾಡ ಗ್ರಾಮದಲ್ಲಿ ಸಾಲಬಾಧೆ ತಾಳದೆ ಆತ್ಮಹತ್ಯೆ ಮಾಡಿಕೊಂಡ ರೈತರ ಮನೆಗೆ ರಾಜ್ಯ ರೈತ ಸಂಘದ ಸದಸ್ಯರು ಭೇಟಿ ನೀಡಿ ಕುಟುಂಬಕ್ಕೆ ಸಾಂತ್ವನ ಹೇಳಿದರು. ಸರ್ಕಾರ ಮೃತ ರೈತನ ಕುಟುಂಬಕ್ಕೆ ಸೂಕ್ತ ಪರಿಹಾರ ನೀಡಬೇಕು. ಬ್ಯಾಂಕ್ ಸಾಲ ಮನ್ನಾ ಮಾಡಬೇಕು ಎಂದು ಆಗ್ರಹಿಸಿದರು. ರೈತರು ಆತ್ಮಹತ್ಯೆಗೆ ಶರಣಾಗದೆ ಧೈರ್ಯದಿಂದ ಬದುಕಬೇಕು. ರೈತ ಸಂಘ ಸದಾ ನಿಮ್ಮೊಂದಿಗೆ ಇರುತ್ತದೆ ಎಂದರು. ತಹಶೀಲ್ದಾರ್ ಅವರಿಗೆ ಮನವಿ ಪತ್ರ ಸಲ್ಲಿಸಲಾಯಿತು. ರೈತ ಸಂಘದ ಜಿಲ್ಲಾಧ್ಯಕ್ಷ, ತಾಲೂಕು ಅಧ್ಯಕ್ಷ ಹಾಗೂ ಪದಾಧಿಕಾರಿಗಳು, ಗ್ರಾಮಸ್ಥರು ಇದ್ದರು. ನಂತರ ಗ್ರಾಮದ ರೈತರೊಂದಿಗೆ ಸಭೆ ನಡೆಸಿ ಸಮಸ್ಯೆಗಳನ್ನು ಆಲಿಸಿದರು. ಕೃಷಿ ಇಲಾಖೆ ಅಧಿಕಾರಿಗಳು ಸ್ಥಳಕ್ಕೆ ಭೇಟಿ ನೀಡಬೇಕು ಎಂದು ಆಗ್ರಹಿಸಿದರು.
ಅಧ್ಯಕ್ಷರಾಗಿ ಬಿ.ವೈ.ಪಾಟೀಲ ಆಯ್ಕೆ
ಕಲಘಟಗಿ: ಮಕ್ಕಳ ಹಕ್ಕುಗಳ ಸಂರಕ್ಷಣಾ ಸಮಿತಿಯ ತಾಲೂಕು ಅಧ್ಯಕ್ಷರಾಗಿ ಬಿ.ವೈ. ಪಾಟೀಲ ಅವರನ್ನು ಆಯ್ಕೆ ಮಾಡಲಾಗಿದೆ. ಕಲ್ಯಾಣ ಸಮಿತಿಯ ಸದಸ್ಯರು ಹಾಗೂ ಮಹಿಳಾ ಮತ್ತು ಮಕ್ಕಳ ಅಭಿವೃದ್ಧಿ ಇಲಾಖೆಯ ಅಧಿಕಾರಿಗಳ ಸಮ್ಮುಖದಲ್ಲಿ ನಡೆದ ಸಭೆಯಲ್ಲಿ ಅವಿರೋಧವಾಗಿ ಆಯ್ಕೆ ಮಾಡಲಾಯಿತು. ನೂತನ ಅಧ್ಯಕ್ಷರು ಮಾತನಾಡಿ, ಮಕ್ಕಳ ಹಕ್ಕುಗಳ ರಕ್ಷಣೆಗೆ ಶ್ರಮಿಸುವುದಾಗಿ ಹೇಳಿದರು. ಬಾಲ್ಯ ವಿವಾಹ, ಬಾಲ ಕಾರ್ಮಿಕ ಪದ್ಧತಿ ತಡೆಗೆ ಜಾಗೃತಿ ಮೂಡಿಸಲಾಗುವುದು. ಗ್ರಾಮೀಣ ಭಾಗದಲ್ಲಿ ಶಿಕ್ಷಣದ ಮಹತ್ವ ತಿಳಿಸುವ ಕಾರ್ಯಕ್ರಮ ಹಮ್ಮಿಕೊಳ್ಳಲಾಗುವುದು. 2025-26 ರಿಂದ 2000 ರ ಅವಧಿಯವರೆಗೆ ಅಧಿಕಾರದಲ್ಲಿ ಇರಲಿದ್ದಾರೆ ಎಂದು ತಿಳಿಸಿದರು. ಸಮಿತಿಯ ಸದಸ್ಯರು, ಪದಾಧಿಕಾರಿಗಳು, ಅಂಗನವಾಡಿ ಕಾರ್ಯಕರ್ತೆಯರು ಇದ್ದರು.
ಮಕ್ಕಳ ಹಕ್ಕುಗಳ ಸಂರಕ್ಷಣಾ ಸಮಿತಿಯ ತಾಲೂಕು ಅಧ್ಯಕ್ಷರಾಗಿ ಬಿ.ವೈ. ಪಾಟೀಲ ಅವರನ್ನು ಆಯ್ಕೆ ಮಾಡಲಾಗಿದೆ. ಕಲ್ಯಾಣ ಸಮಿತಿಯ ಸದಸ್ಯರು ಹಾಗೂ ಮಹಿಳಾ ಮತ್ತು ಮಕ್ಕಳ ಅಭಿವೃದ್ಧಿ ಇಲಾಖೆಯ ಅಧಿಕಾರಿಗಳ ಸಮ್ಮುಖದಲ್ಲಿ ನಡೆದ ಸಭೆಯಲ್ಲಿ ಅವಿರೋಧವಾಗಿ ಆಯ್ಕೆ ಮಾಡಲಾಯಿತು. ನೂತನ ಅಧ್ಯಕ್ಷರು ಮಾತನಾಡಿ, ಮಕ್ಕಳ ಹಕ್ಕುಗಳ ರಕ್ಷಣೆಗೆ ಶ್ರಮಿಸುವುದಾಗಿ ಹೇಳಿದರು. ಬಾಲ್ಯ ವಿವಾಹ, ಬಾಲ ಕಾರ್ಮಿಕ ಪದ್ಧತಿ ತಡೆಗೆ ಜಾಗೃತಿ ಮೂಡಿಸಲಾಗುವುದು. ಗ್ರಾಮೀಣ ಭಾಗದಲ್ಲಿ ಶಿಕ್ಷಣದ ಮಹತ್ವ ತಿಳಿಸುವ ಕಾರ್ಯಕ್ರಮ ಹಮ್ಮಿಕೊಳ್ಳಲಾಗುವುದು. 2025-26 ರಿಂದ 2000 ರ ಅವಧಿಯವರೆಗೆ ಅಧಿಕಾರದಲ್ಲಿ ಇರಲಿದ್ದಾರೆ ಎಂದು ತಿಳಿಸಿದರು. ಸಮಿತಿಯ ಸದಸ್ಯರು, ಪದಾಧಿಕಾರಿಗಳು, ಅಂಗನವಾಡಿ ಕಾರ್ಯಕರ್ತೆಯರು ಇದ್ದರು.
ಮಕ್ಕಳ ಹಕ್ಕುಗಳ ಸಂರಕ್ಷಣಾ ಸಮಿತಿಯ ತಾಲೂಕು ಅಧ್ಯಕ್ಷರಾಗಿ ಬಿ.ವೈ. ಪಾಟೀಲ ಅವರನ್ನು ಆಯ್ಕೆ ಮಾಡಲಾಗಿದೆ. ಕಲ್ಯಾಣ ಸಮಿತಿಯ ಸದಸ್ಯರು ಹಾಗೂ ಮಹಿಳಾ ಮತ್ತು ಮಕ್ಕಳ ಅಭಿವೃದ್ಧಿ ಇಲಾಖೆಯ ಅಧಿಕಾರಿಗಳ ಸಮ್ಮುಖದಲ್ಲಿ ನಡೆದ ಸಭೆಯಲ್ಲಿ ಅವಿರೋಧವಾಗಿ ಆಯ್ಕೆ ಮಾಡಲಾಯಿತು. ನೂತನ ಅಧ್ಯಕ್ಷರು ಮಾತನಾಡಿ, ಮಕ್ಕಳ ಹಕ್ಕುಗಳ ರಕ್ಷಣೆಗೆ ಶ್ರಮಿಸುವುದಾಗಿ ಹೇಳಿದರು. ಬಾಲ್ಯ ವಿವಾಹ, ಬಾಲ ಕಾರ್ಮಿಕ ಪದ್ಧತಿ ತಡೆಗೆ ಜಾಗೃತಿ ಮೂಡಿಸಲಾಗುವುದು. ಗ್ರಾಮೀಣ ಭಾಗದಲ್ಲಿ ಶಿಕ್ಷಣದ ಮಹತ್ವ ತಿಳಿಸುವ ಕಾರ್ಯಕ್ರಮ ಹಮ್ಮಿಕೊಳ್ಳಲಾಗುವುದು. 2025-26 ರಿಂದ 2000 ರ ಅವಧಿಯವರೆಗೆ ಅಧಿಕಾರದಲ್ಲಿ ಇರಲಿದ್ದಾರೆ ಎಂದು ತಿಳಿಸಿದರು. ಸಮಿತಿಯ ಸದಸ್ಯರು, ಪದಾಧಿಕಾರಿಗಳು, ಅಂಗನವಾಡಿ ಕಾರ್ಯಕರ್ತೆಯರು ಇದ್ದರು.
